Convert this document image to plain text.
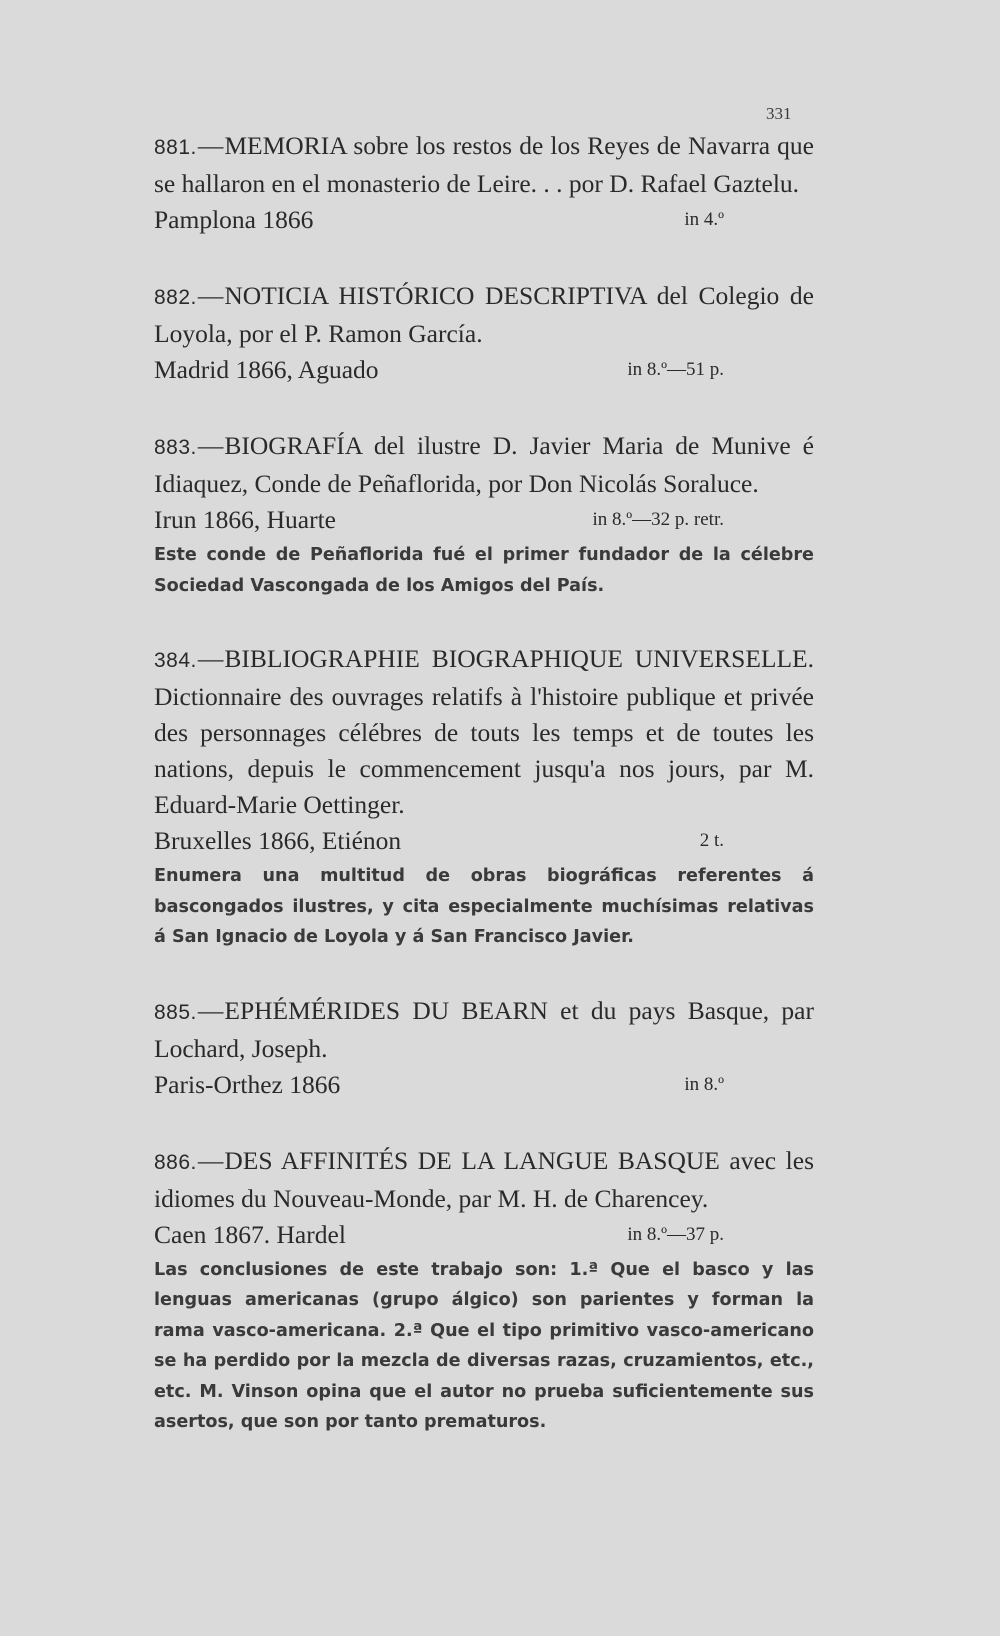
331

881.—MEMORIA sobre los restos de los Reyes de Navarra que se hallaron en el monasterio de Leire. . . por D. Rafael Gaztelu.

Pamplona 1866	in 4.º

882.—NOTICIA HISTÓRICO DESCRIPTIVA del Colegio de Loyola, por el P. Ramon García.

Madrid 1866, Aguado	in 8.º—51 p.

883.—BIOGRAFÍA del ilustre D. Javier Maria de Munive é Idiaquez, Conde de Peñaflorida, por Don Nicolás Soraluce.

Irun 1866, Huarte	in 8.º—32 p. retr.

Este conde de Peñaflorida fué el primer fundador de la célebre Sociedad Vascongada de los Amigos del País.

384.—BIBLIOGRAPHIE BIOGRAPHIQUE UNIVERSELLE. Dictionnaire des ouvrages relatifs à l'histoire publique et privée des personnages célébres de touts les temps et de toutes les nations, depuis le commencement jusqu'a nos jours, par M. Eduard-Marie Oettinger.

Bruxelles 1866, Etiénon	2 t.

Enumera una multitud de obras biográficas referentes á bascongados ilustres, y cita especialmente muchísimas relativas á San Ignacio de Loyola y á San Francisco Javier.

885.—EPHÉMÉRIDES DU BEARN et du pays Basque, par Lochard, Joseph.

Paris-Orthez 1866	in 8.º

886.—DES AFFINITÉS DE LA LANGUE BASQUE avec les idiomes du Nouveau-Monde, par M. H. de Charencey.

Caen 1867. Hardel	in 8.º—37 p.

Las conclusiones de este trabajo son: 1.ª Que el basco y las lenguas americanas (grupo álgico) son parientes y forman la rama vasco-americana. 2.ª Que el tipo primitivo vasco-americano se ha perdido por la mezcla de diversas razas, cruzamientos, etc., etc. M. Vinson opina que el autor no prueba suficientemente sus asertos, que son por tanto prematuros.
